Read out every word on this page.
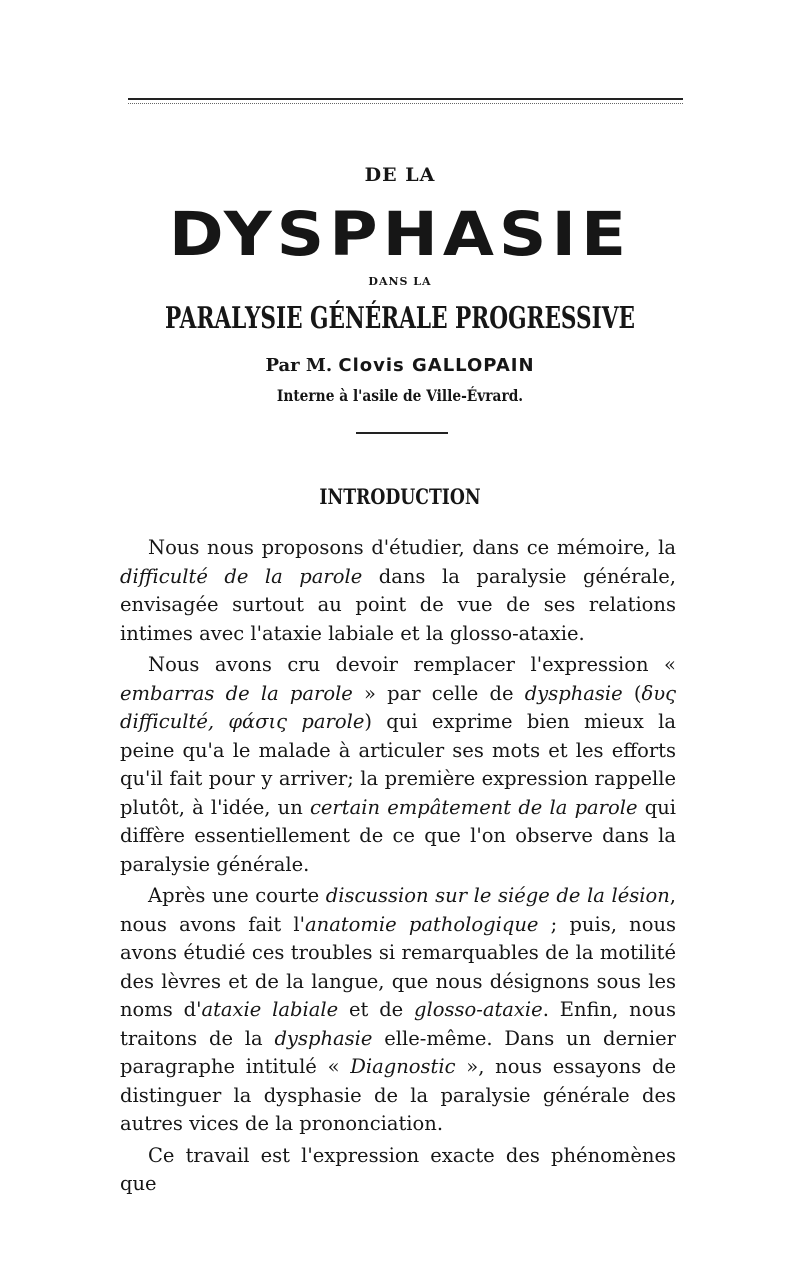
DE LA
DYSPHASIE
DANS LA
PARALYSIE GÉNÉRALE PROGRESSIVE
Par M. Clovis GALLOPAIN
Interne à l'asile de Ville-Évrard.
INTRODUCTION

Nous nous proposons d'étudier, dans ce mémoire, la difficulté de la parole dans la paralysie générale, envisagée surtout au point de vue de ses relations intimes avec l'ataxie labiale et la glosso-ataxie.

Nous avons cru devoir remplacer l'expression « embarras de la parole » par celle de dysphasie (δυς difficulté, φάσις parole) qui exprime bien mieux la peine qu'a le malade à articuler ses mots et les efforts qu'il fait pour y arriver; la première expression rappelle plutôt, à l'idée, un certain empâtement de la parole qui diffère essentiellement de ce que l'on observe dans la paralysie générale.

Après une courte discussion sur le siége de la lésion, nous avons fait l'anatomie pathologique ; puis, nous avons étudié ces troubles si remarquables de la motilité des lèvres et de la langue, que nous désignons sous les noms d'ataxie labiale et de glosso-ataxie. Enfin, nous traitons de la dysphasie elle-même. Dans un dernier paragraphe intitulé « Diagnostic », nous essayons de distinguer la dysphasie de la paralysie générale des autres vices de la prononciation.

Ce travail est l'expression exacte des phénomènes que
